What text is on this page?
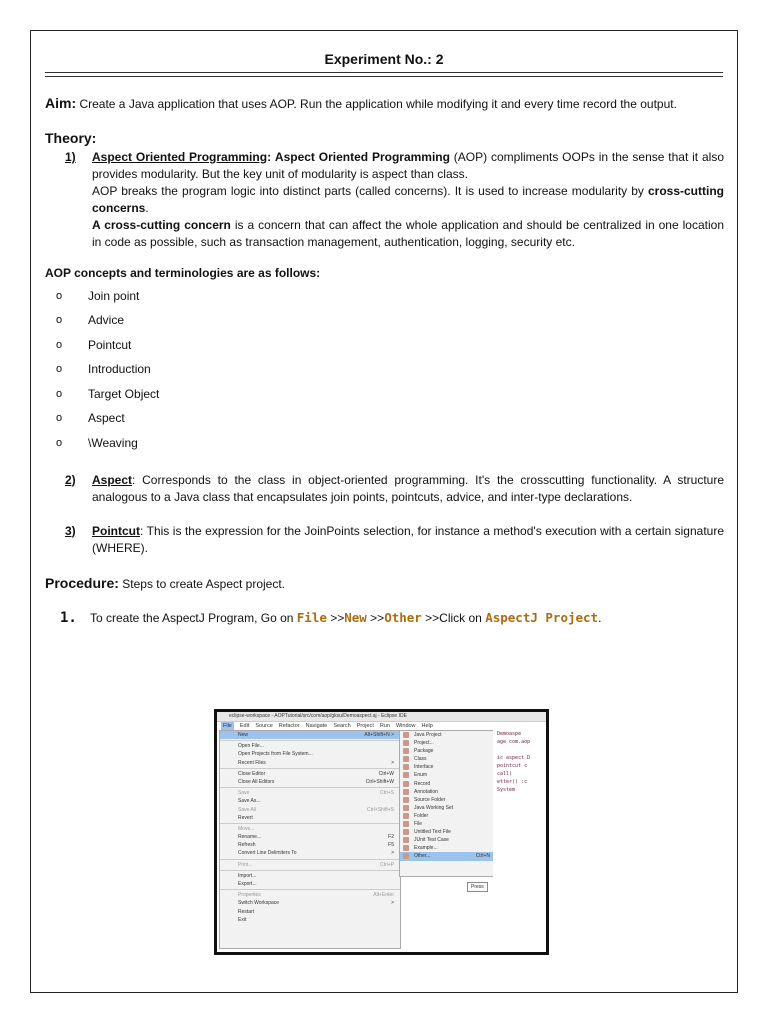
Experiment No.: 2
Aim: Create a Java application that uses AOP. Run the application while modifying it and every time record the output.
Theory:
1)	Aspect Oriented Programming: Aspect Oriented Programming (AOP) compliments OOPs in the sense that it also provides modularity. But the key unit of modularity is aspect than class.
AOP breaks the program logic into distinct parts (called concerns). It is used to increase modularity by cross-cutting concerns.
A cross-cutting concern is a concern that can affect the whole application and should be centralized in one location in code as possible, such as transaction management, authentication, logging, security etc.
AOP concepts and terminologies are as follows:
o	Join point
o	Advice
o	Pointcut
o	Introduction
o	Target Object
o	Aspect
o	\Weaving
2)	Aspect: Corresponds to the class in object-oriented programming. It's the crosscutting functionality. A structure analogous to a Java class that encapsulates join points, pointcuts, advice, and inter-type declarations.
3)	Pointcut: This is the expression for the JoinPoints selection, for instance a method's execution with a certain signature (WHERE).
Procedure: Steps to create Aspect project.
1.	To create the AspectJ Program, Go on File >>New >>Other >>Click on AspectJ Project.
eclipse-workspace - AOPTutorial/src/com/aop/gksu/Demoaspect.aj - Eclipse IDE
File	Edit Source Refactor Navigate Search Project Run Window Help
New	Alt+Shift+N >
Open File...
Open Projects from File System...
Recent Files	>
Close Editor	Ctrl+W
Close All Editors	Ctrl+Shift+W
Save	Ctrl+S
Save As...
Save All	Ctrl+Shift+S
Revert
Move...
Rename...	F2
Refresh	F5
Convert Line Delimiters To	>
Print...	Ctrl+P
Import...
Export...
Properties	Alt+Enter
Switch Workspace	>
Restart
Exit
Java Project
Project...
Package
Class
Interface
Enum
Record
Annotation
Source Folder
Java Working Set
Folder
File
Untitled Text File
JUnit Test Case
Example...
Other...	Ctrl+N
Demoaspe
age com.aop

ic aspect D
pointcut c
call(
etter() :c
System
Press
